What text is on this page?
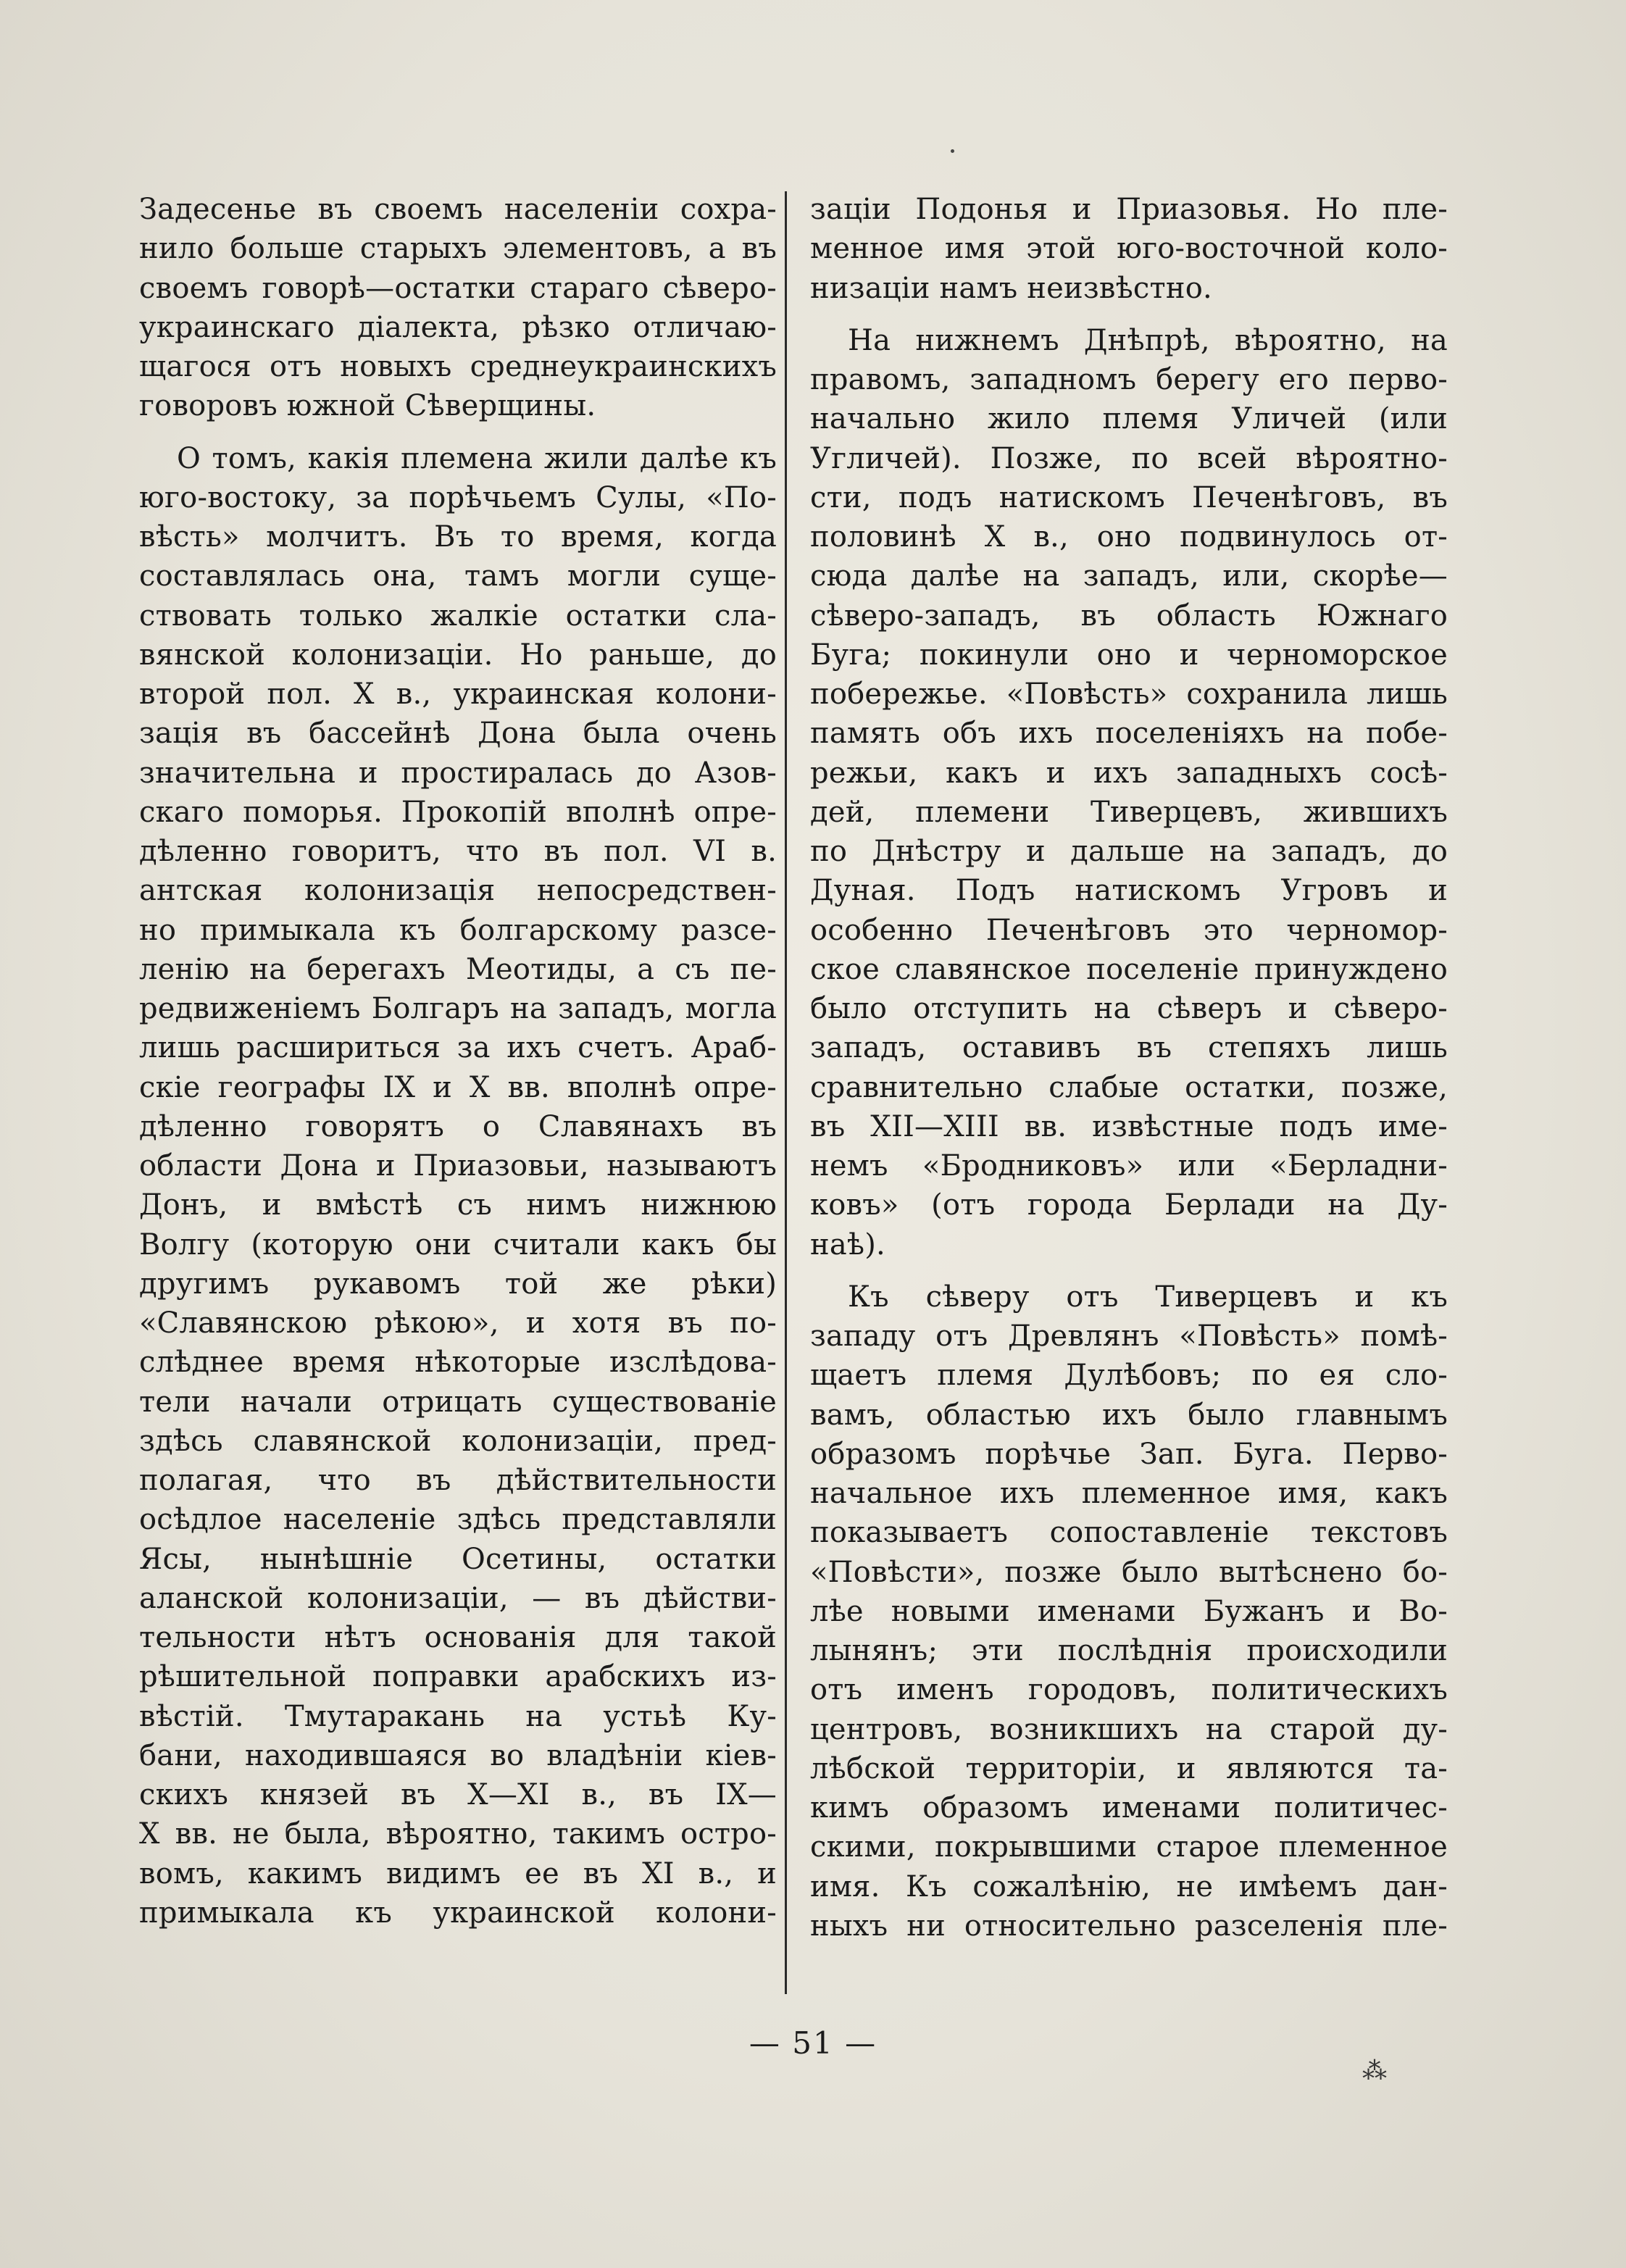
Задесенье въ своемъ населеніи сохра-
нило больше старыхъ элементовъ, а въ
своемъ говорѣ—остатки стараго сѣверо-
украинскаго діалекта, рѣзко отличаю-
щагося отъ новыхъ среднеукраинскихъ
говоровъ южной Сѣверщины.
О томъ, какія племена жили далѣе къ
юго-востоку, за порѣчьемъ Сулы, «По-
вѣсть» молчитъ. Въ то время, когда
составлялась она, тамъ могли суще-
ствовать только жалкіе остатки сла-
вянской колонизаціи. Но раньше, до
второй пол. X в., украинская колони-
зація въ бассейнѣ Дона была очень
значительна и простиралась до Азов-
скаго поморья. Прокопій вполнѣ опре-
дѣленно говоритъ, что въ пол. VI в.
антская колонизація непосредствен-
но примыкала къ болгарскому разсе-
ленію на берегахъ Меотиды, а съ пе-
редвиженіемъ Болгаръ на западъ, могла
лишь расшириться за ихъ счетъ. Араб-
скіе географы IX и X вв. вполнѣ опре-
дѣленно говорятъ о Славянахъ въ
области Дона и Приазовьи, называютъ
Донъ, и вмѣстѣ съ нимъ нижнюю
Волгу (которую они считали какъ бы
другимъ рукавомъ той же рѣки)
«Славянскою рѣкою», и хотя въ по-
слѣднее время нѣкоторые изслѣдова-
тели начали отрицать существованіе
здѣсь славянской колонизаціи, пред-
полагая, что въ дѣйствительности
осѣдлое населеніе здѣсь представляли
Ясы, нынѣшніе Осетины, остатки
аланской колонизаціи, — въ дѣйстви-
тельности нѣтъ основанія для такой
рѣшительной поправки арабскихъ из-
вѣстій. Тмутаракань на устьѣ Ку-
бани, находившаяся во владѣніи кіев-
скихъ князей въ X—XI в., въ IX—
X вв. не была, вѣроятно, такимъ остро-
вомъ, какимъ видимъ ее въ XI в., и
примыкала къ украинской колони-
заціи Подонья и Приазовья. Но пле-
менное имя этой юго-восточной коло-
низаціи намъ неизвѣстно.
На нижнемъ Днѣпрѣ, вѣроятно, на
правомъ, западномъ берегу его перво-
начально жило племя Уличей (или
Угличей). Позже, по всей вѣроятно-
сти, подъ натискомъ Печенѣговъ, въ
половинѣ X в., оно подвинулось от-
сюда далѣе на западъ, или, скорѣе—
сѣверо-западъ, въ область Южнаго
Буга; покинули оно и черноморское
побережье. «Повѣсть» сохранила лишь
память объ ихъ поселеніяхъ на побе-
режьи, какъ и ихъ западныхъ сосѣ-
дей, племени Тиверцевъ, жившихъ
по Днѣстру и дальше на западъ, до
Дуная. Подъ натискомъ Угровъ и
особенно Печенѣговъ это черномор-
ское славянское поселеніе принуждено
было отступить на сѣверъ и сѣверо-
западъ, оставивъ въ степяхъ лишь
сравнительно слабые остатки, позже,
въ XII—XIII вв. извѣстные подъ име-
немъ «Бродниковъ» или «Берладни-
ковъ» (отъ города Берлади на Ду-
наѣ).
Къ сѣверу отъ Тиверцевъ и къ
западу отъ Древлянъ «Повѣсть» помѣ-
щаетъ племя Дулѣбовъ; по ея сло-
вамъ, областью ихъ было главнымъ
образомъ порѣчье Зап. Буга. Перво-
начальное ихъ племенное имя, какъ
показываетъ сопоставленіе текстовъ
«Повѣсти», позже было вытѣснено бо-
лѣе новыми именами Бужанъ и Во-
лынянъ; эти послѣднія происходили
отъ именъ городовъ, политическихъ
центровъ, возникшихъ на старой ду-
лѣбской территоріи, и являются та-
кимъ образомъ именами политичес-
скими, покрывшими старое племенное
имя. Къ сожалѣнію, не имѣемъ дан-
ныхъ ни относительно разселенія пле-
— 51 —
⁂
